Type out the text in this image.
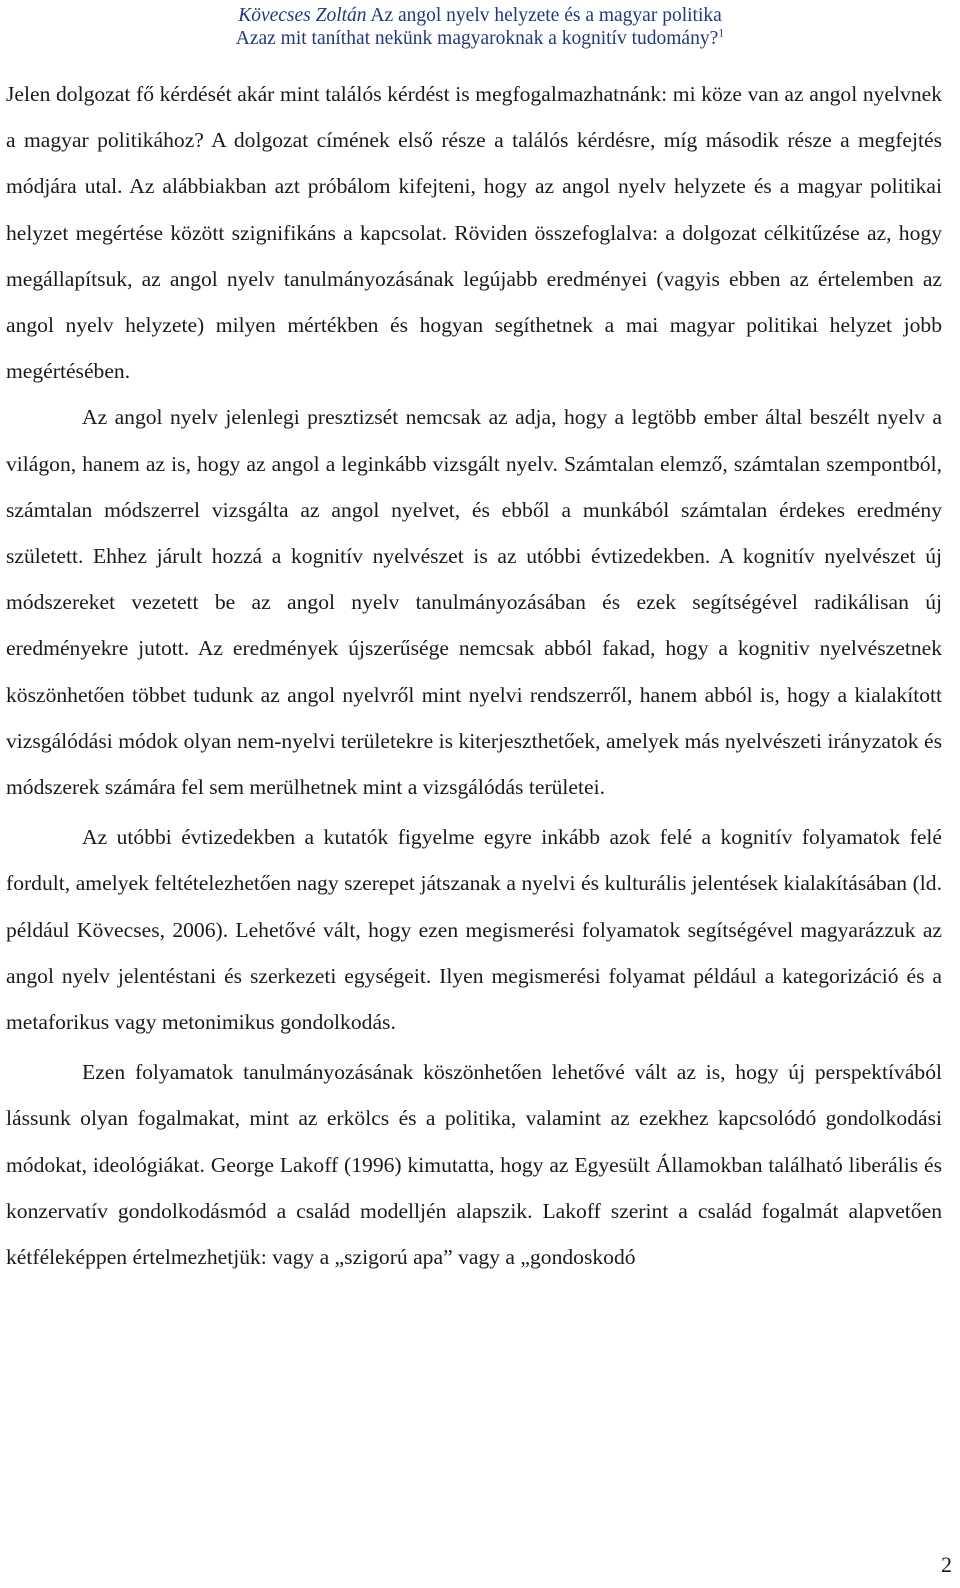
Kövecses Zoltán Az angol nyelv helyzete és a magyar politika
Azaz mit taníthat nekünk magyaroknak a kognitív tudomány?$^1$

Jelen dolgozat fő kérdését akár mint találós kérdést is megfogalmazhatnánk: mi köze van az angol nyelvnek a magyar politikához? A dolgozat címének első része a találós kérdésre, míg második része a megfejtés módjára utal. Az alábbiakban azt próbálom kifejteni, hogy az angol nyelv helyzete és a magyar politikai helyzet megértése között szignifikáns a kapcsolat. Röviden összefoglalva: a dolgozat célkitűzése az, hogy megállapítsuk, az angol nyelv tanulmányozásának legújabb eredményei (vagyis ebben az értelemben az angol nyelv helyzete) milyen mértékben és hogyan segíthetnek a mai magyar politikai helyzet jobb megértésében.

Az angol nyelv jelenlegi presztizsét nemcsak az adja, hogy a legtöbb ember által beszélt nyelv a világon, hanem az is, hogy az angol a leginkább vizsgált nyelv. Számtalan elemző, számtalan szempontból, számtalan módszerrel vizsgálta az angol nyelvet, és ebből a munkából számtalan érdekes eredmény született. Ehhez járult hozzá a kognitív nyelvészet is az utóbbi évtizedekben. A kognitív nyelvészet új módszereket vezetett be az angol nyelv tanulmányozásában és ezek segítségével radikálisan új eredményekre jutott. Az eredmények újszerűsége nemcsak abból fakad, hogy a kognitiv nyelvészetnek köszönhetően többet tudunk az angol nyelvről mint nyelvi rendszerről, hanem abból is, hogy a kialakított vizsgálódási módok olyan nem-nyelvi területekre is kiterjeszthetőek, amelyek más nyelvészeti irányzatok és módszerek számára fel sem merülhetnek mint a vizsgálódás területei.

Az utóbbi évtizedekben a kutatók figyelme egyre inkább azok felé a kognitív folyamatok felé fordult, amelyek feltételezhetően nagy szerepet játszanak a nyelvi és kulturális jelentések kialakításában (ld. például Kövecses, 2006). Lehetővé vált, hogy ezen megismerési folyamatok segítségével magyarázzuk az angol nyelv jelentéstani és szerkezeti egységeit. Ilyen megismerési folyamat például a kategorizáció és a metaforikus vagy metonimikus gondolkodás.

Ezen folyamatok tanulmányozásának köszönhetően lehetővé vált az is, hogy új perspektívából lássunk olyan fogalmakat, mint az erkölcs és a politika, valamint az ezekhez kapcsolódó gondolkodási módokat, ideológiákat. George Lakoff (1996) kimutatta, hogy az Egyesült Államokban található liberális és konzervatív gondolkodásmód a család modelljén alapszik. Lakoff szerint a család fogalmát alapvetően kétféleképpen értelmezhetjük: vagy a „szigorú apa” vagy a „gondoskodó

2
